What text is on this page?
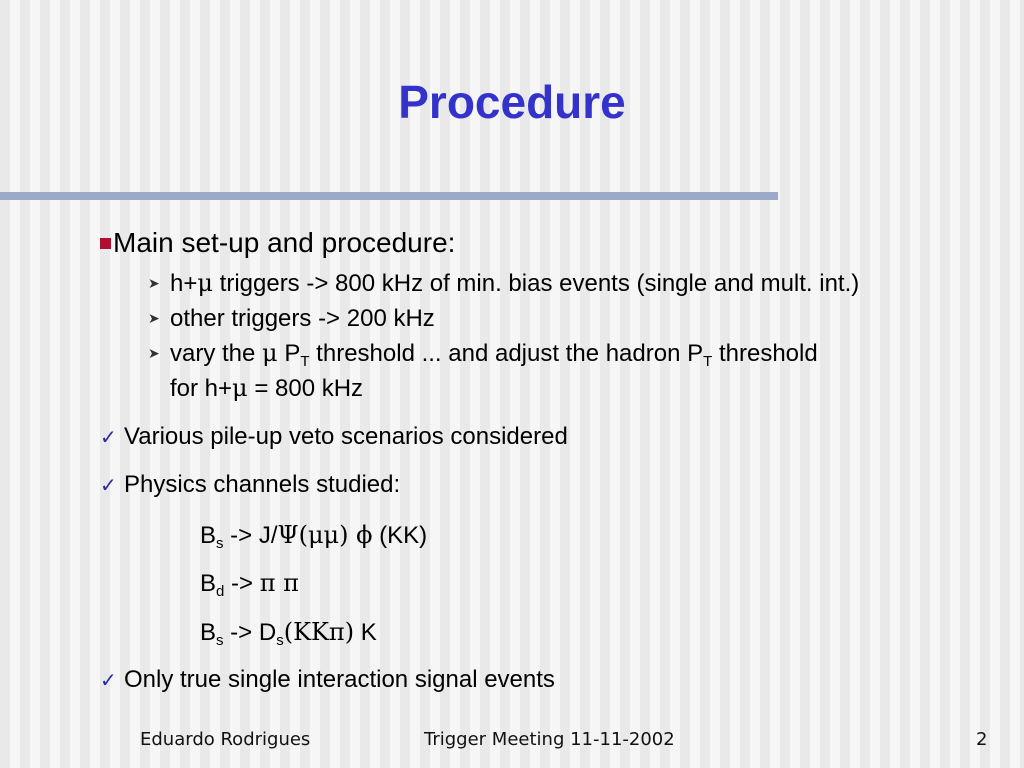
Procedure
Main set-up and procedure:
➤ h+μ triggers -> 800 kHz of min. bias events (single and mult. int.)
➤ other triggers -> 200 kHz
➤ vary the μ $P_T$ threshold ... and adjust the hadron $P_T$ threshold
for h+μ = 800 kHz
✓ Various pile-up veto scenarios considered
✓ Physics channels studied:
$B_s -> J/\Psi(\mu\mu)$ ϕ (KK)
$B_d -> \pi$ π
$B_s -> D_s(KK\pi)$ K
✓ Only true single interaction signal events
Eduardo Rodrigues	Trigger Meeting 11-11-2002	2
